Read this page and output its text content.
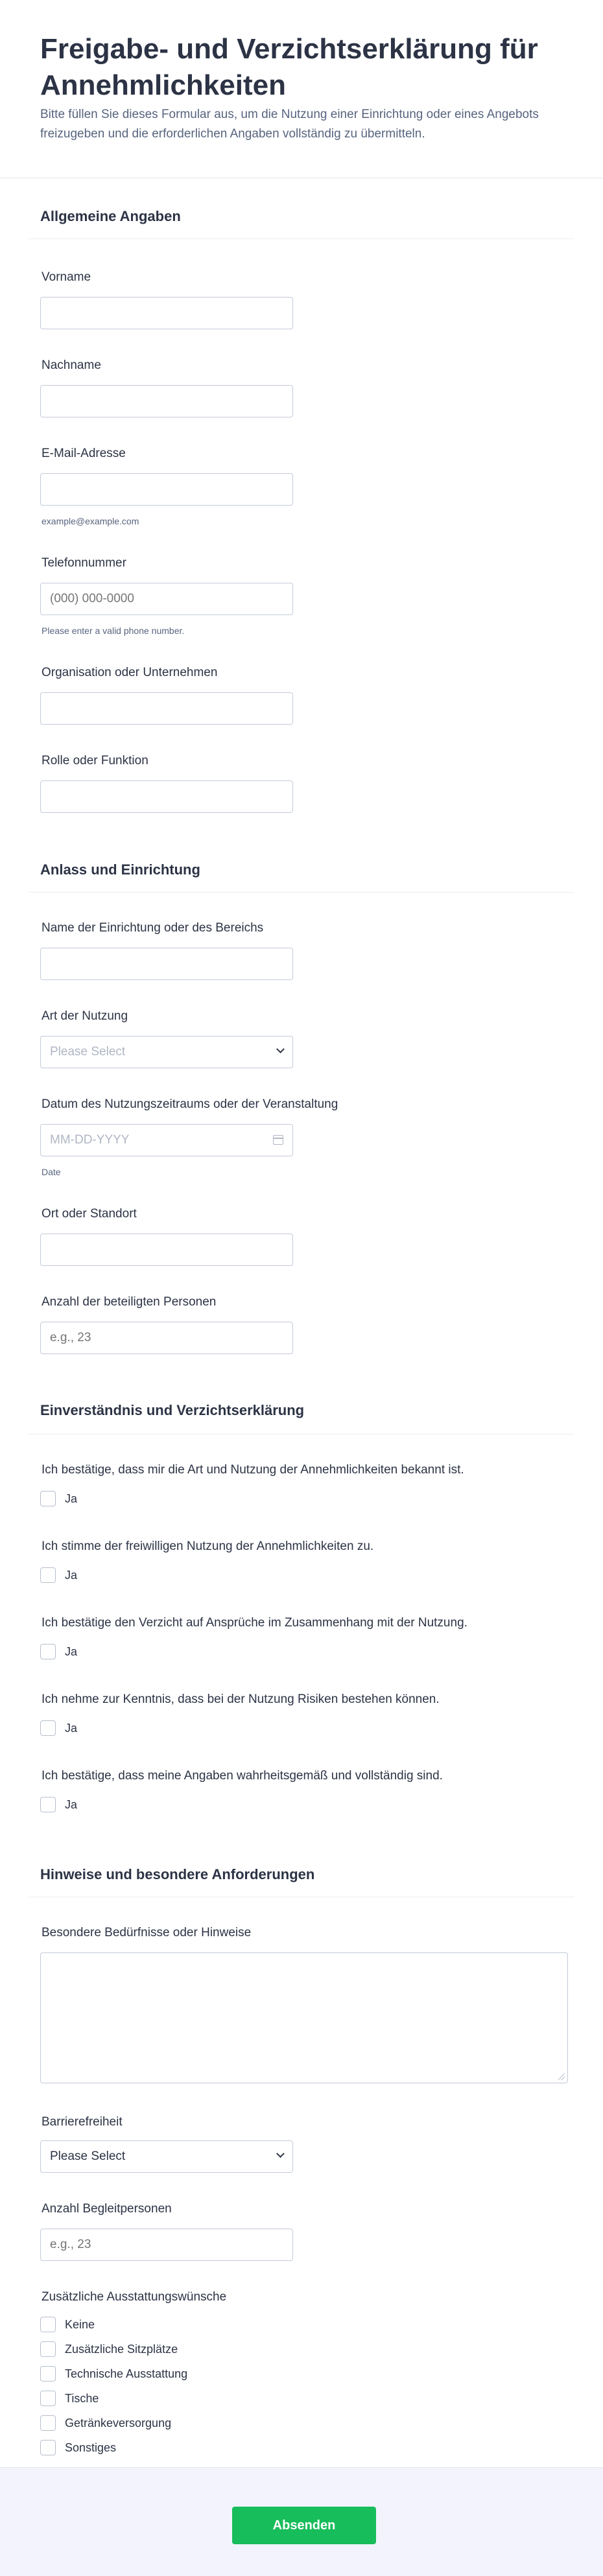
Freigabe- und Verzichtserklärung für Annehmlichkeiten

Bitte füllen Sie dieses Formular aus, um die Nutzung einer Einrichtung oder eines Angebots freizugeben und die erforderlichen Angaben vollständig zu übermitteln.

Allgemeine Angaben
Vorname
Nachname
E-Mail-Adresse
example@example.com
Telefonnummer
(000) 000-0000
Please enter a valid phone number.
Organisation oder Unternehmen
Rolle oder Funktion
Anlass und Einrichtung
Name der Einrichtung oder des Bereichs
Art der Nutzung
Please Select
Datum des Nutzungszeitraums oder der Veranstaltung
MM-DD-YYYY
Date
Ort oder Standort
Anzahl der beteiligten Personen
e.g., 23
Einverständnis und Verzichtserklärung
Ich bestätige, dass mir die Art und Nutzung der Annehmlichkeiten bekannt ist.
Ja
Ich stimme der freiwilligen Nutzung der Annehmlichkeiten zu.
Ja
Ich bestätige den Verzicht auf Ansprüche im Zusammenhang mit der Nutzung.
Ja
Ich nehme zur Kenntnis, dass bei der Nutzung Risiken bestehen können.
Ja
Ich bestätige, dass meine Angaben wahrheitsgemäß und vollständig sind.
Ja
Hinweise und besondere Anforderungen
Besondere Bedürfnisse oder Hinweise
Barrierefreiheit
Please Select
Anzahl Begleitpersonen
e.g., 23
Zusätzliche Ausstattungswünsche
Keine
Zusätzliche Sitzplätze
Technische Ausstattung
Tische
Getränkeversorgung
Sonstiges
Absenden
